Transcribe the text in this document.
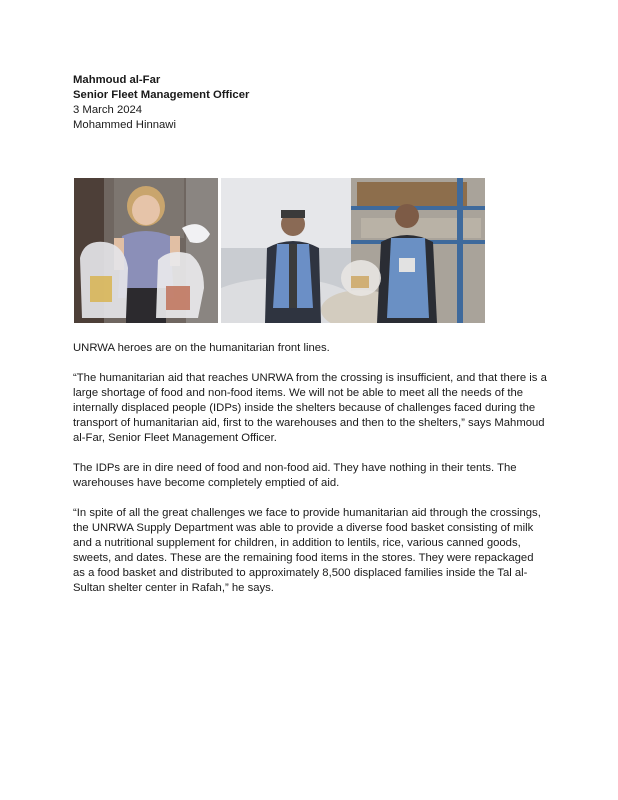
Mahmoud al-Far
Senior Fleet Management Officer
3 March 2024
Mohammed Hinnawi

UNRWA heroes are on the humanitarian front lines.

“The humanitarian aid that reaches UNRWA from the crossing is insufficient, and that there is a large shortage of food and non-food items. We will not be able to meet all the needs of the internally displaced people (IDPs) inside the shelters because of challenges faced during the transport of humanitarian aid, first to the warehouses and then to the shelters,” says Mahmoud al-Far, Senior Fleet Management Officer.

The IDPs are in dire need of food and non-food aid. They have nothing in their tents. The warehouses have become completely emptied of aid.

“In spite of all the great challenges we face to provide humanitarian aid through the crossings, the UNRWA Supply Department was able to provide a diverse food basket consisting of milk and a nutritional supplement for children, in addition to lentils, rice, various canned goods, sweets, and dates. These are the remaining food items in the stores. They were repackaged as a food basket and distributed to approximately 8,500 displaced families inside the Tal al-Sultan shelter center in Rafah,” he says.
